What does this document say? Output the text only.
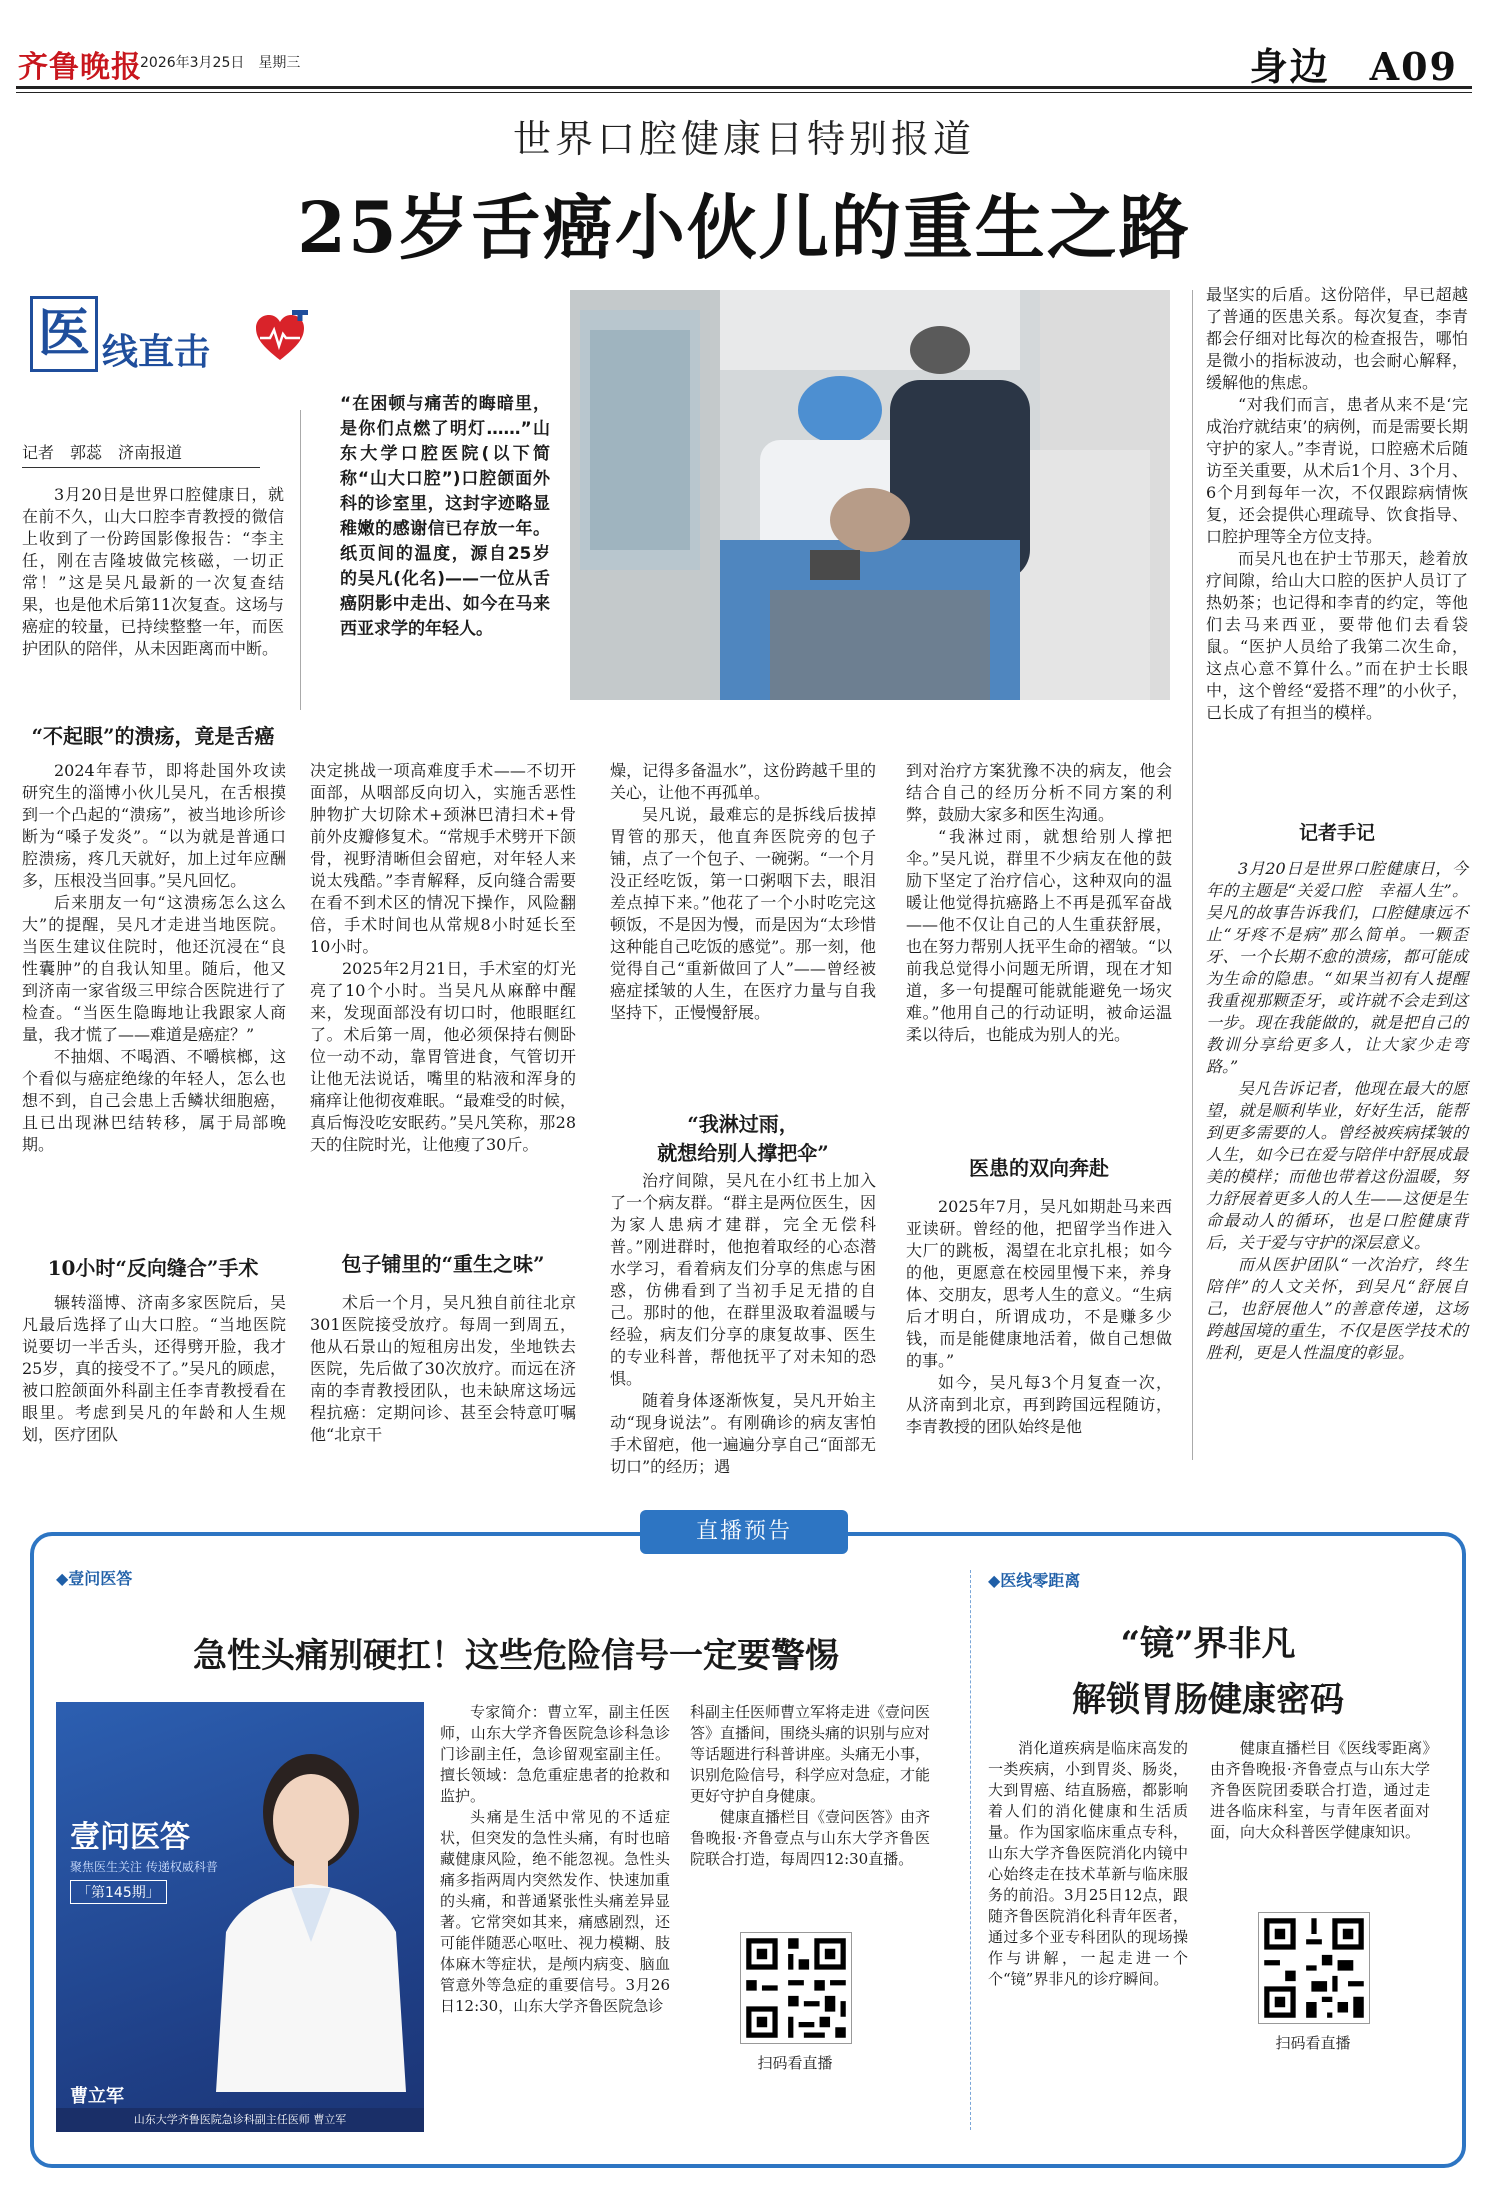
齐鲁晚报
2026年3月25日　星期三	身边　A09
世界口腔健康日特别报道
25岁舌癌小伙儿的重生之路
医 线直击
记者　郭蕊　济南报道

3月20日是世界口腔健康日，就在前不久，山大口腔李青教授的微信上收到了一份跨国影像报告：“李主任，刚在吉隆坡做完核磁，一切正常！”这是吴凡最新的一次复查结果，也是他术后第11次复查。这场与癌症的较量，已持续整整一年，而医护团队的陪伴，从未因距离而中断。

“在困顿与痛苦的晦暗里，是你们点燃了明灯……”山东大学口腔医院(以下简称“山大口腔”)口腔颌面外科的诊室里，这封字迹略显稚嫩的感谢信已存放一年。纸页间的温度，源自25岁的吴凡(化名)——一位从舌癌阴影中走出、如今在马来西亚求学的年轻人。
“不起眼”的溃疡，竟是舌癌

2024年春节，即将赴国外攻读研究生的淄博小伙儿吴凡，在舌根摸到一个凸起的“溃疡”，被当地诊所诊断为“嗓子发炎”。“以为就是普通口腔溃疡，疼几天就好，加上过年应酬多，压根没当回事。”吴凡回忆。

后来朋友一句“这溃疡怎么这么大”的提醒，吴凡才走进当地医院。当医生建议住院时，他还沉浸在“良性囊肿”的自我认知里。随后，他又到济南一家省级三甲综合医院进行了检查。“当医生隐晦地让我跟家人商量，我才慌了——难道是癌症？”

不抽烟、不喝酒、不嚼槟榔，这个看似与癌症绝缘的年轻人，怎么也想不到，自己会患上舌鳞状细胞癌，且已出现淋巴结转移，属于局部晚期。

10小时“反向缝合”手术

辗转淄博、济南多家医院后，吴凡最后选择了山大口腔。“当地医院说要切一半舌头，还得劈开脸，我才25岁，真的接受不了。”吴凡的顾虑，被口腔颌面外科副主任李青教授看在眼里。考虑到吴凡的年龄和人生规划，医疗团队

决定挑战一项高难度手术——不切开面部，从咽部反向切入，实施舌恶性肿物扩大切除术+颈淋巴清扫术+骨前外皮瓣修复术。“常规手术劈开下颌骨，视野清晰但会留疤，对年轻人来说太残酷。”李青解释，反向缝合需要在看不到术区的情况下操作，风险翻倍，手术时间也从常规8小时延长至10小时。

2025年2月21日，手术室的灯光亮了10个小时。当吴凡从麻醉中醒来，发现面部没有切口时，他眼眶红了。术后第一周，他必须保持右侧卧位一动不动，靠胃管进食，气管切开让他无法说话，嘴里的粘液和浑身的痛痒让他彻夜难眠。“最难受的时候，真后悔没吃安眠药。”吴凡笑称，那28天的住院时光，让他瘦了30斤。

包子铺里的“重生之味”

术后一个月，吴凡独自前往北京301医院接受放疗。每周一到周五，他从石景山的短租房出发，坐地铁去医院，先后做了30次放疗。而远在济南的李青教授团队，也未缺席这场远程抗癌：定期问诊、甚至会特意叮嘱他“北京干

燥，记得多备温水”，这份跨越千里的关心，让他不再孤单。

吴凡说，最难忘的是拆线后拔掉胃管的那天，他直奔医院旁的包子铺，点了一个包子、一碗粥。“一个月没正经吃饭，第一口粥咽下去，眼泪差点掉下来。”他花了一个小时吃完这顿饭，不是因为慢，而是因为“太珍惜这种能自己吃饭的感觉”。那一刻，他觉得自己“重新做回了人”——曾经被癌症揉皱的人生，在医疗力量与自我坚持下，正慢慢舒展。

“我淋过雨，
就想给别人撑把伞”

治疗间隙，吴凡在小红书上加入了一个病友群。“群主是两位医生，因为家人患病才建群，完全无偿科普。”刚进群时，他抱着取经的心态潜水学习，看着病友们分享的焦虑与困惑，仿佛看到了当初手足无措的自己。那时的他，在群里汲取着温暖与经验，病友们分享的康复故事、医生的专业科普，帮他抚平了对未知的恐惧。

随着身体逐渐恢复，吴凡开始主动“现身说法”。有刚确诊的病友害怕手术留疤，他一遍遍分享自己“面部无切口”的经历；遇

到对治疗方案犹豫不决的病友，他会结合自己的经历分析不同方案的利弊，鼓励大家多和医生沟通。

“我淋过雨，就想给别人撑把伞。”吴凡说，群里不少病友在他的鼓励下坚定了治疗信心，这种双向的温暖让他觉得抗癌路上不再是孤军奋战——他不仅让自己的人生重获舒展，也在努力帮别人抚平生命的褶皱。“以前我总觉得小问题无所谓，现在才知道，多一句提醒可能就能避免一场灾难。”他用自己的行动证明，被命运温柔以待后，也能成为别人的光。

医患的双向奔赴

2025年7月，吴凡如期赴马来西亚读研。曾经的他，把留学当作进入大厂的跳板，渴望在北京扎根；如今的他，更愿意在校园里慢下来，养身体、交朋友，思考人生的意义。“生病后才明白，所谓成功，不是赚多少钱，而是能健康地活着，做自己想做的事。”

如今，吴凡每3个月复查一次，从济南到北京，再到跨国远程随访，李青教授的团队始终是他

最坚实的后盾。这份陪伴，早已超越了普通的医患关系。每次复查，李青都会仔细对比每次的检查报告，哪怕是微小的指标波动，也会耐心解释，缓解他的焦虑。

“对我们而言，患者从来不是‘完成治疗就结束’的病例，而是需要长期守护的家人。”李青说，口腔癌术后随访至关重要，从术后1个月、3个月、6个月到每年一次，不仅跟踪病情恢复，还会提供心理疏导、饮食指导、口腔护理等全方位支持。

而吴凡也在护士节那天，趁着放疗间隙，给山大口腔的医护人员订了热奶茶；也记得和李青的约定，等他们去马来西亚，要带他们去看袋鼠。“医护人员给了我第二次生命，这点心意不算什么。”而在护士长眼中，这个曾经“爱搭不理”的小伙子，已长成了有担当的模样。

记者手记

3月20日是世界口腔健康日，今年的主题是“关爱口腔　幸福人生”。吴凡的故事告诉我们，口腔健康远不止“牙疼不是病”那么简单。一颗歪牙、一个长期不愈的溃疡，都可能成为生命的隐患。“如果当初有人提醒我重视那颗歪牙，或许就不会走到这一步。现在我能做的，就是把自己的教训分享给更多人，让大家少走弯路。”

吴凡告诉记者，他现在最大的愿望，就是顺利毕业，好好生活，能帮到更多需要的人。曾经被疾病揉皱的人生，如今已在爱与陪伴中舒展成最美的模样；而他也带着这份温暖，努力舒展着更多人的人生——这便是生命最动人的循环，也是口腔健康背后，关于爱与守护的深层意义。

而从医护团队“一次治疗，终生陪伴”的人文关怀，到吴凡“舒展自己，也舒展他人”的善意传递，这场跨越国境的重生，不仅是医学技术的胜利，更是人性温度的彰显。

直播预告
◆壹问医答
急性头痛别硬扛！这些危险信号一定要警惕
壹问医答
聚焦医生关注 传递权威科普
「第145期」
曹立军
山东大学齐鲁医院急诊科副主任医师 曹立军

专家简介：曹立军，副主任医师，山东大学齐鲁医院急诊科急诊门诊副主任，急诊留观室副主任。擅长领域：急危重症患者的抢救和监护。

头痛是生活中常见的不适症状，但突发的急性头痛，有时也暗藏健康风险，绝不能忽视。急性头痛多指两周内突然发作、快速加重的头痛，和普通紧张性头痛差异显著。它常突如其来，痛感剧烈，还可能伴随恶心呕吐、视力模糊、肢体麻木等症状，是颅内病变、脑血管意外等急症的重要信号。3月26日12:30，山东大学齐鲁医院急诊

科副主任医师曹立军将走进《壹问医答》直播间，围绕头痛的识别与应对等话题进行科普讲座。头痛无小事，识别危险信号，科学应对急症，才能更好守护自身健康。

健康直播栏目《壹问医答》由齐鲁晚报·齐鲁壹点与山东大学齐鲁医院联合打造，每周四12:30直播。

扫码看直播
◆医线零距离
“镜”界非凡
解锁胃肠健康密码

消化道疾病是临床高发的一类疾病，小到胃炎、肠炎，大到胃癌、结直肠癌，都影响着人们的消化健康和生活质量。作为国家临床重点专科，山东大学齐鲁医院消化内镜中心始终走在技术革新与临床服务的前沿。3月25日12点，跟随齐鲁医院消化科青年医者，通过多个亚专科团队的现场操作与讲解，一起走进一个个“镜”界非凡的诊疗瞬间。

健康直播栏目《医线零距离》由齐鲁晚报·齐鲁壹点与山东大学齐鲁医院团委联合打造，通过走进各临床科室，与青年医者面对面，向大众科普医学健康知识。

扫码看直播
